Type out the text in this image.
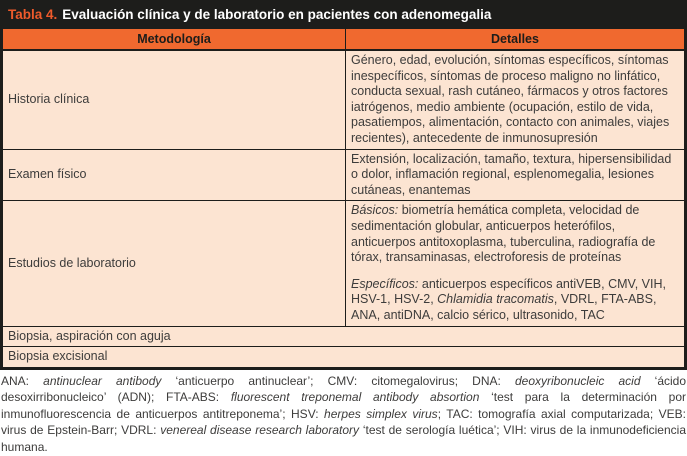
Tabla 4. Evaluación clínica y de laboratorio en pacientes con adenomegalia
Metodología	Detalles
Historia clínica	Género, edad, evolución, síntomas específicos, síntomas inespecíficos, síntomas de proceso maligno no linfático, conducta sexual, rash cutáneo, fármacos y otros factores iatrógenos, medio ambiente (ocupación, estilo de vida, pasatiempos, alimentación, contacto con animales, viajes recientes), antecedente de inmunosupresión
Examen físico	Extensión, localización, tamaño, textura, hipersensibilidad o dolor, inflamación regional, esplenomegalia, lesiones cutáneas, enantemas
Estudios de laboratorio	Básicos: biometría hemática completa, velocidad de sedimentación globular, anticuerpos heterófilos, anticuerpos antitoxoplasma, tuberculina, radiografía de tórax, transaminasas, electroforesis de proteínas

Específicos: anticuerpos específicos antiVEB, CMV, VIH, HSV-1, HSV-2, Chlamidia tracomatis, VDRL, FTA-ABS, ANA, antiDNA, calcio sérico, ultrasonido, TAC

Biopsia, aspiración con aguja	
Biopsia excisional	
ANA: antinuclear antibody ‘anticuerpo antinuclear’; CMV: citomegalovirus; DNA: deoxyribonucleic acid ‘ácido desoxirribonucleico’ (ADN); FTA-ABS: fluorescent treponemal antibody absortion ‘test para la determinación por inmunofluorescencia de anticuerpos antitreponema’; HSV: herpes simplex virus; TAC: tomografía axial computarizada; VEB: virus de Epstein-Barr; VDRL: venereal disease research laboratory ‘test de serología luética’; VIH: virus de la inmunodeficiencia humana.
